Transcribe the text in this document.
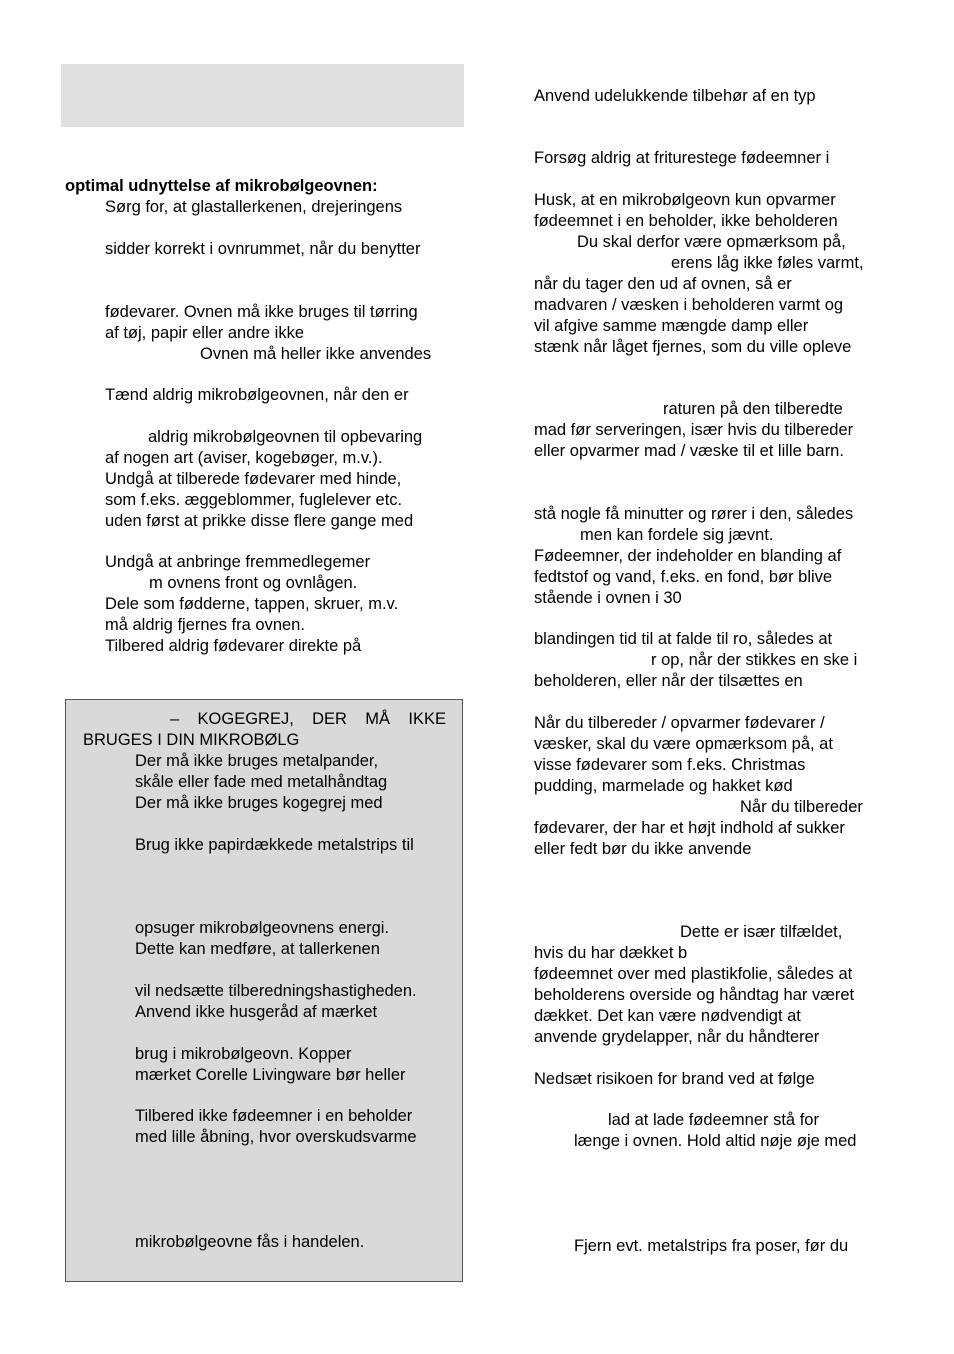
optimal udnyttelse af mikrobølgeovnen:
Sørg for, at glastallerkenen, drejeringens
sidder korrekt i ovnrummet, når du benytter
fødevarer. Ovnen må ikke bruges til tørring
af tøj, papir eller andre ikke
Ovnen må heller ikke anvendes
Tænd aldrig mikrobølgeovnen, når den er
aldrig mikrobølgeovnen til opbevaring
af nogen art (aviser, kogebøger, m.v.).
Undgå at tilberede fødevarer med hinde,
som f.eks. æggeblommer, fuglelever etc.
uden først at prikke disse flere gange med
Undgå at anbringe fremmedlegemer
m ovnens front og ovnlågen.
Dele som fødderne, tappen, skruer, m.v.
må aldrig fjernes fra ovnen.
Tilbered aldrig fødevarer direkte på
– KOGEGREJ, DER MÅ IKKE
BRUGES I DIN MIKROBØLG
Der må ikke bruges metalpander,
skåle eller fade med metalhåndtag
Der må ikke bruges kogegrej med
Brug ikke papirdækkede metalstrips til
opsuger mikrobølgeovnens energi.
Dette kan medføre, at tallerkenen
vil nedsætte tilberedningshastigheden.
Anvend ikke husgeråd af mærket
brug i mikrobølgeovn. Kopper
mærket Corelle Livingware bør heller
Tilbered ikke fødeemner i en beholder
med lille åbning, hvor overskudsvarme
mikrobølgeovne fås i handelen.
Anvend udelukkende tilbehør af en typ
Forsøg aldrig at friturestege fødeemner i
Husk, at en mikrobølgeovn kun opvarmer
fødeemnet i en beholder, ikke beholderen
Du skal derfor være opmærksom på,
erens låg ikke føles varmt,
når du tager den ud af ovnen, så er
madvaren / væsken i beholderen varmt og
vil afgive samme mængde damp eller
stænk når låget fjernes, som du ville opleve
raturen på den tilberedte
mad før serveringen, især hvis du tilbereder
eller opvarmer mad / væske til et lille barn.
stå nogle få minutter og rører i den, således
men kan fordele sig jævnt.
Fødeemner, der indeholder en blanding af
fedtstof og vand, f.eks. en fond, bør blive
stående i ovnen i 30
blandingen tid til at falde til ro, således at
r op, når der stikkes en ske i
beholderen, eller når der tilsættes en
Når du tilbereder / opvarmer fødevarer /
væsker, skal du være opmærksom på, at
visse fødevarer som f.eks. Christmas
pudding, marmelade og hakket kød
Når du tilbereder
fødevarer, der har et højt indhold af sukker
eller fedt bør du ikke anvende
Dette er især tilfældet,
hvis du har dækket b
fødeemnet over med plastikfolie, således at
beholderens overside og håndtag har været
dækket. Det kan være nødvendigt at
anvende grydelapper, når du håndterer
Nedsæt risikoen for brand ved at følge
lad at lade fødeemner stå for
længe i ovnen. Hold altid nøje øje med
Fjern evt. metalstrips fra poser, før du
